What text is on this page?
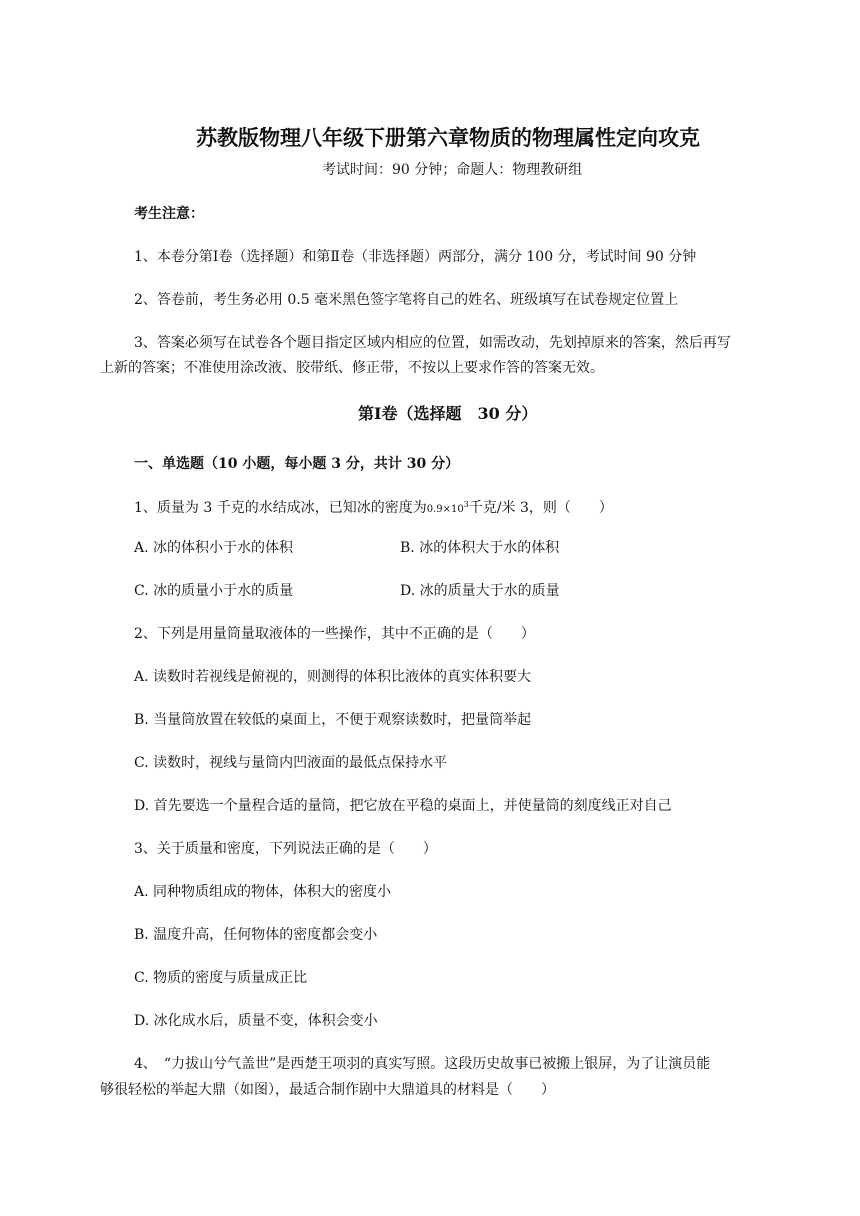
苏教版物理八年级下册第六章物质的物理属性定向攻克
考试时间：90 分钟；命题人：物理教研组
考生注意：
1、本卷分第Ⅰ卷（选择题）和第Ⅱ卷（非选择题）两部分，满分 100 分，考试时间 90 分钟
2、答卷前，考生务必用 0.5 毫米黑色签字笔将自己的姓名、班级填写在试卷规定位置上
3、答案必须写在试卷各个题目指定区域内相应的位置，如需改动，先划掉原来的答案，然后再写
上新的答案；不准使用涂改液、胶带纸、修正带，不按以上要求作答的答案无效。
第Ⅰ卷（选择题　30 分）
一、单选题（10 小题，每小题 3 分，共计 30 分）
1、质量为 3 千克的水结成冰，已知冰的密度为$0.9\times 10^3$千克/米 3，则（　　）
A. 冰的体积小于水的体积	B. 冰的体积大于水的体积
C. 冰的质量小于水的质量	D. 冰的质量大于水的质量
2、下列是用量筒量取液体的一些操作，其中不正确的是（　　）
A. 读数时若视线是俯视的，则测得的体积比液体的真实体积要大
B. 当量筒放置在较低的桌面上，不便于观察读数时，把量筒举起
C. 读数时，视线与量筒内凹液面的最低点保持水平
D. 首先要选一个量程合适的量筒，把它放在平稳的桌面上，并使量筒的刻度线正对自己
3、关于质量和密度，下列说法正确的是（　　）
A. 同种物质组成的物体，体积大的密度小
B. 温度升高，任何物体的密度都会变小
C. 物质的密度与质量成正比
D. 冰化成水后，质量不变，体积会变小
4、　“力拔山兮气盖世”是西楚王项羽的真实写照。这段历史故事已被搬上银屏，为了让演员能
够很轻松的举起大鼎（如图），最适合制作剧中大鼎道具的材料是（　　）
